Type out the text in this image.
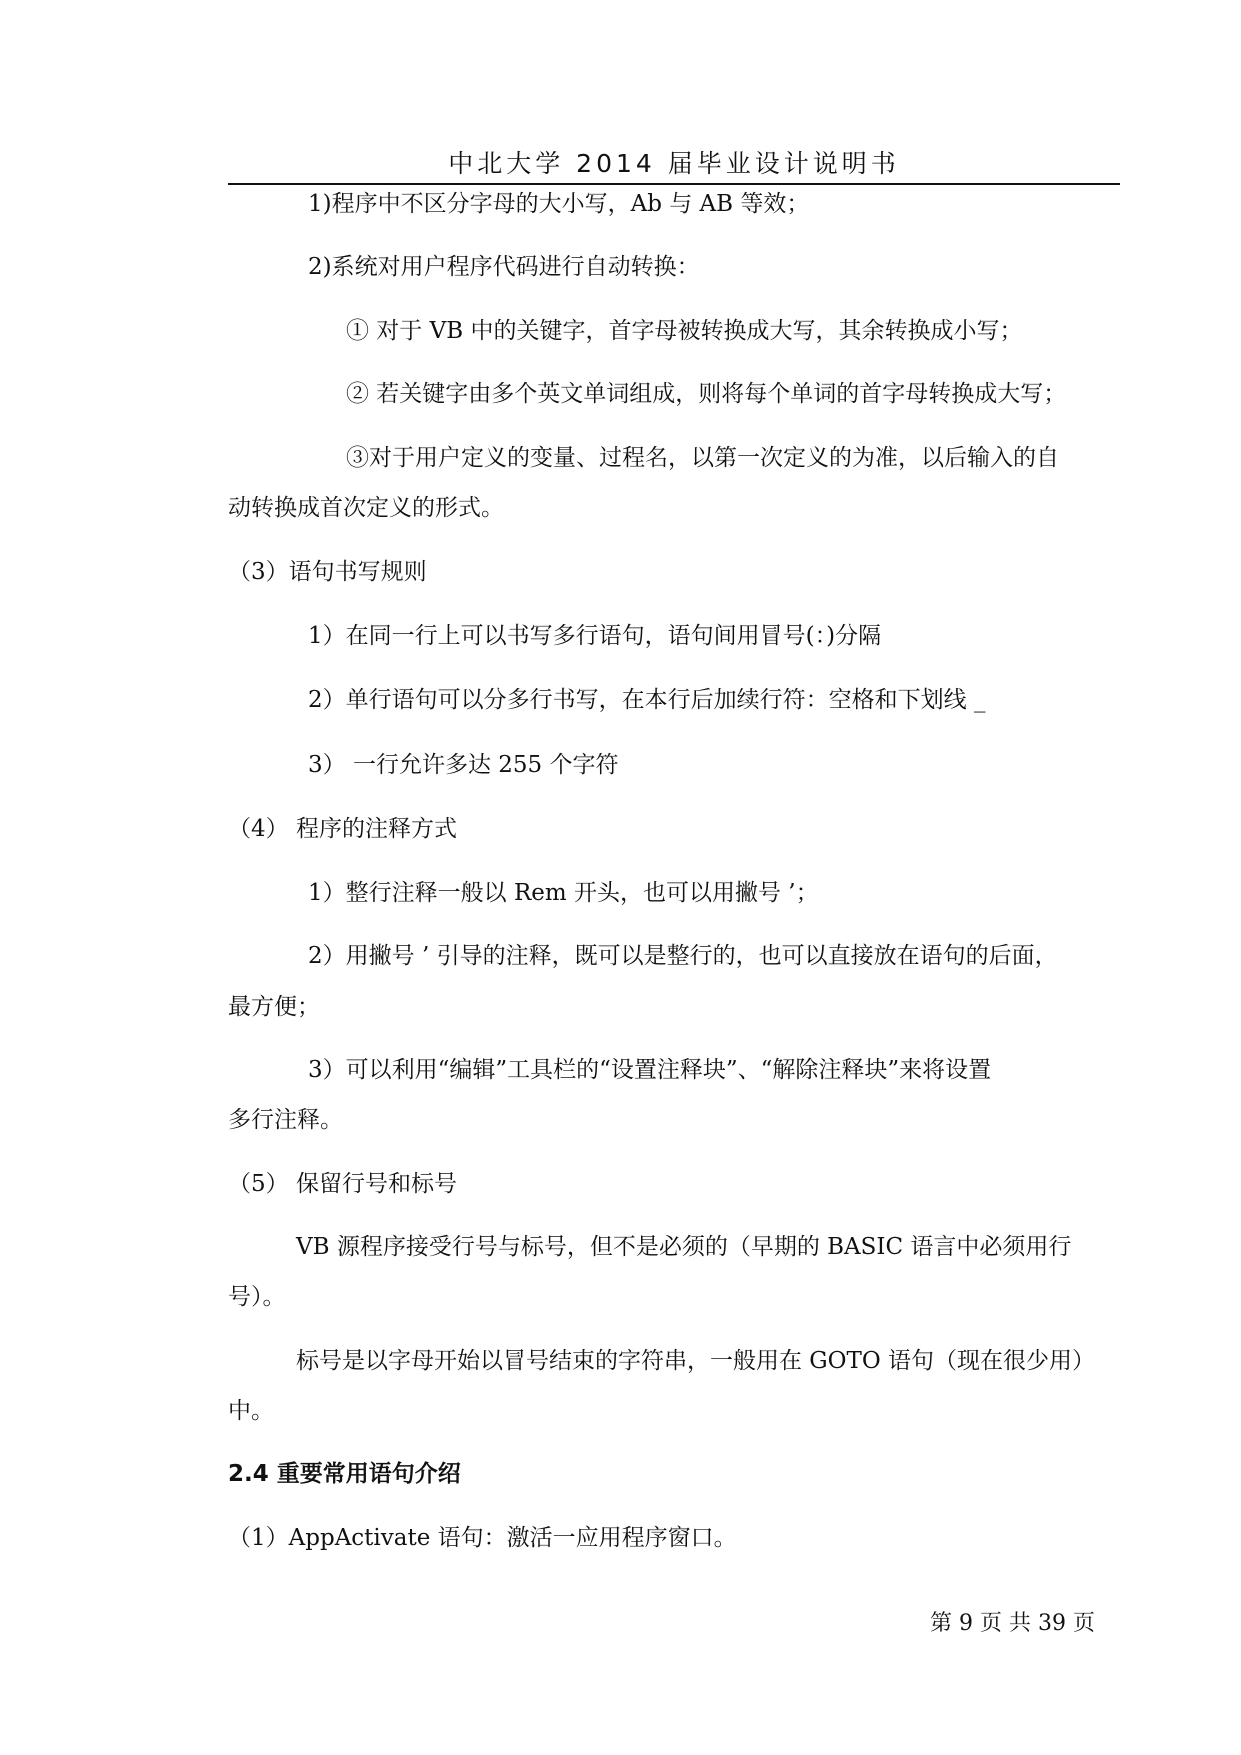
中北大学 2014 届毕业设计说明书
1)程序中不区分字母的大小写，Ab 与 AB 等效；
2)系统对用户程序代码进行自动转换：
① 对于 VB 中的关键字，首字母被转换成大写，其余转换成小写；
② 若关键字由多个英文单词组成，则将每个单词的首字母转换成大写；
③对于用户定义的变量、过程名，以第一次定义的为准，以后输入的自
动转换成首次定义的形式。
（3）语句书写规则
1）在同一行上可以书写多行语句，语句间用冒号(：)分隔
2）单行语句可以分多行书写，在本行后加续行符：空格和下划线 _
3） 一行允许多达 255 个字符
（4） 程序的注释方式
1）整行注释一般以 Rem 开头，也可以用撇号 ’；
2）用撇号 ’ 引导的注释，既可以是整行的，也可以直接放在语句的后面，
最方便；
3）可以利用“编辑”工具栏的“设置注释块”、“解除注释块”来将设置
多行注释。
（5） 保留行号和标号
VB 源程序接受行号与标号，但不是必须的（早期的 BASIC 语言中必须用行
号）。
标号是以字母开始以冒号结束的字符串，一般用在 GOTO 语句（现在很少用）
中。
2.4 重要常用语句介绍
（1）AppActivate 语句：激活一应用程序窗口。
第 9 页 共 39 页
